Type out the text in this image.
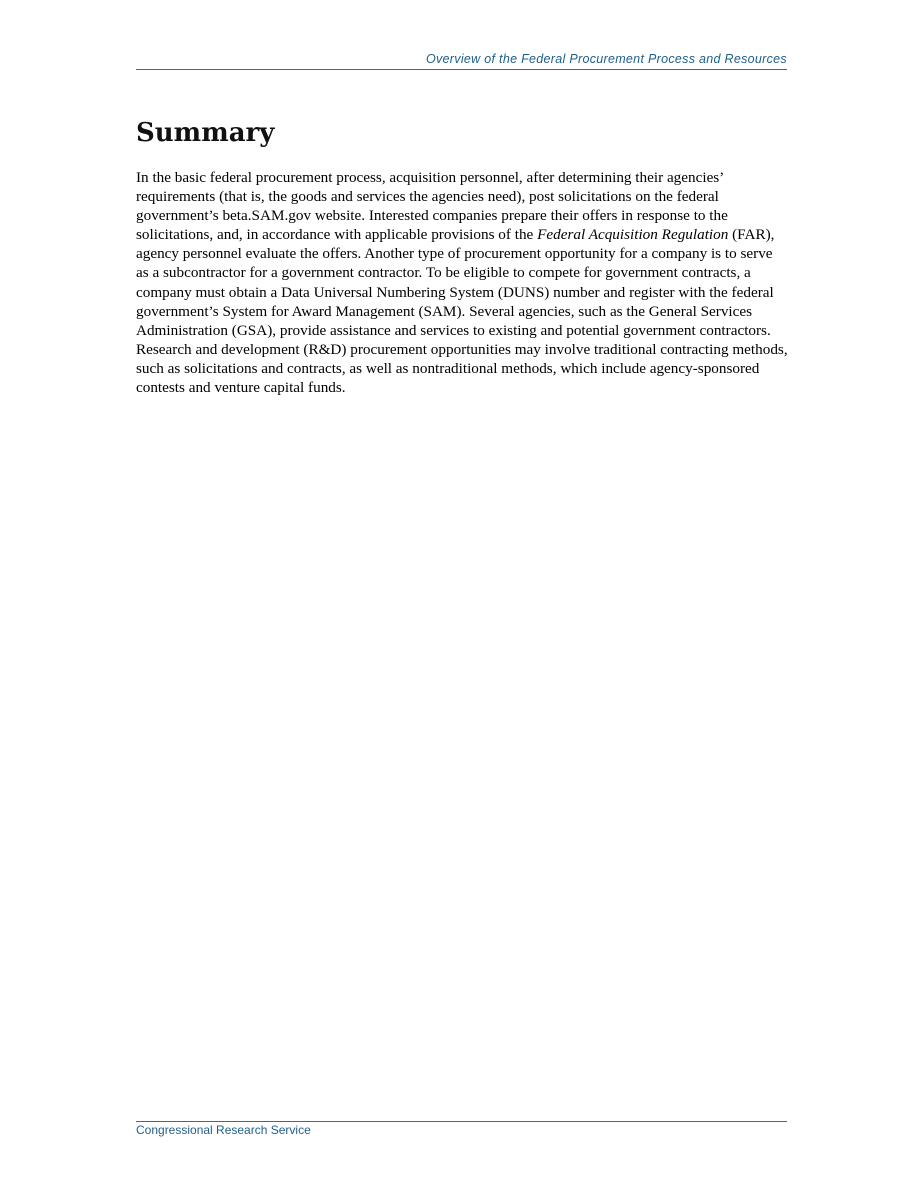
Overview of the Federal Procurement Process and Resources
Summary

In the basic federal procurement process, acquisition personnel, after determining their agencies’ requirements (that is, the goods and services the agencies need), post solicitations on the federal government’s beta.SAM.gov website. Interested companies prepare their offers in response to the solicitations, and, in accordance with applicable provisions of the Federal Acquisition Regulation (FAR), agency personnel evaluate the offers. Another type of procurement opportunity for a company is to serve as a subcontractor for a government contractor. To be eligible to compete for government contracts, a company must obtain a Data Universal Numbering System (DUNS) number and register with the federal government’s System for Award Management (SAM). Several agencies, such as the General Services Administration (GSA), provide assistance and services to existing and potential government contractors. Research and development (R&D) procurement opportunities may involve traditional contracting methods, such as solicitations and contracts, as well as nontraditional methods, which include agency-sponsored contests and venture capital funds.

Congressional Research Service
